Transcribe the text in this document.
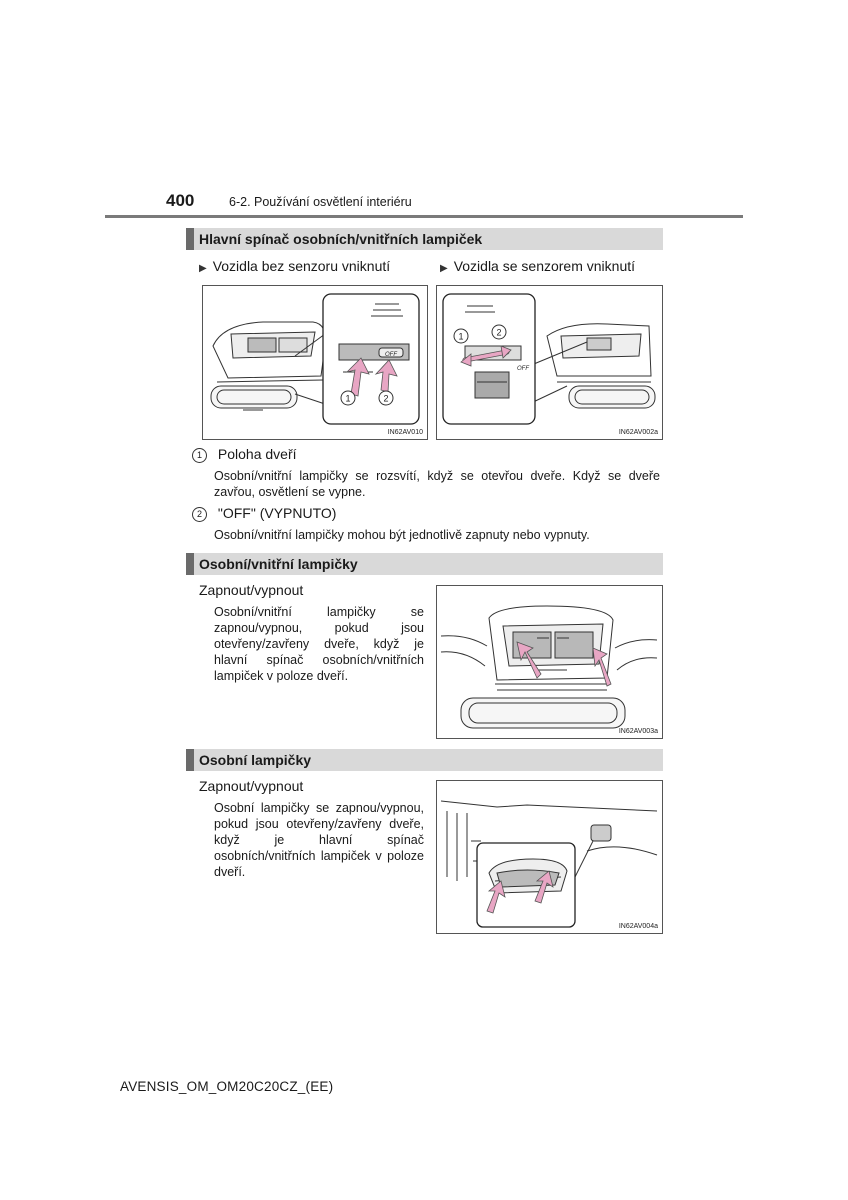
400	6-2. Používání osvětlení interiéru
Hlavní spínač osobních/vnitřních lampiček
▶ Vozidla bez senzoru vniknutí	▶ Vozidla se senzorem vniknutí
OFF
1	2
IN62AV010
OFF
1	2
IN62AV002a
1 Poloha dveří
Osobní/vnitřní lampičky se rozsvítí, když se otevřou dveře. Když se dveře zavřou, osvětlení se vypne.
2 "OFF" (VYPNUTO)
Osobní/vnitřní lampičky mohou být jednotlivě zapnuty nebo vypnuty.
Osobní/vnitřní lampičky
Zapnout/vypnout
Osobní/vnitřní lampičky se zapnou/vypnou, pokud jsou otevřeny/zavřeny dveře, když je hlavní spínač osobních/vnitřních lampiček v poloze dveří.
IN62AV003a
Osobní lampičky
Zapnout/vypnout
Osobní lampičky se zapnou/vypnou, pokud jsou otevřeny/zavřeny dveře, když je hlavní spínač osobních/vnitřních lampiček v poloze dveří.
IN62AV004a
AVENSIS_OM_OM20C20CZ_(EE)
